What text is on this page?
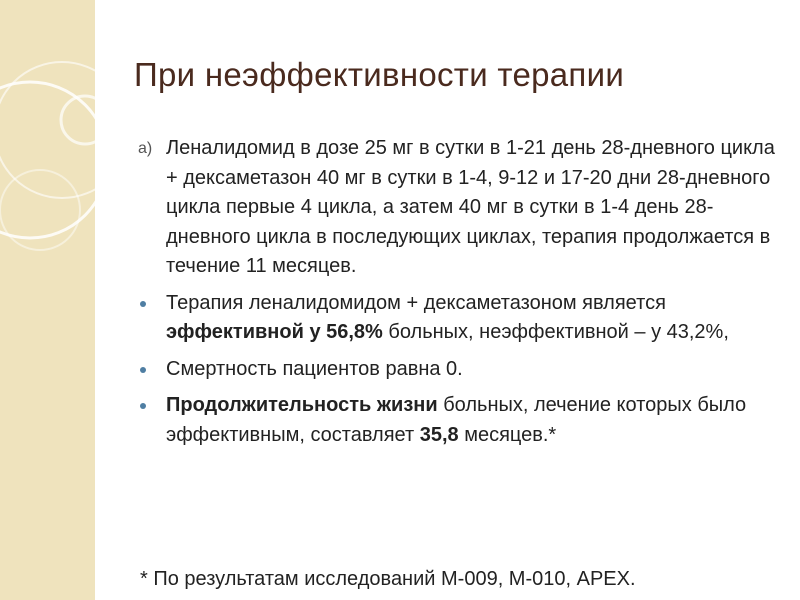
При неэффективности терапии
а) Леналидомид в дозе 25 мг в сутки в 1-21 день 28-дневного цикла + дексаметазон 40 мг в сутки в 1-4, 9-12 и 17-20 дни 28-дневного цикла первые 4 цикла, а затем 40 мг в сутки в 1-4 день 28-дневного цикла в последующих циклах, терапия продолжается в течение 11 месяцев.
Терапия леналидомидом + дексаметазоном является эффективной у 56,8% больных, неэффективной – у 43,2%,
Смертность пациентов равна 0.
Продолжительность жизни больных, лечение которых было эффективным, составляет 35,8 месяцев.*
* По результатам исследований М-009, М-010, APEX.
